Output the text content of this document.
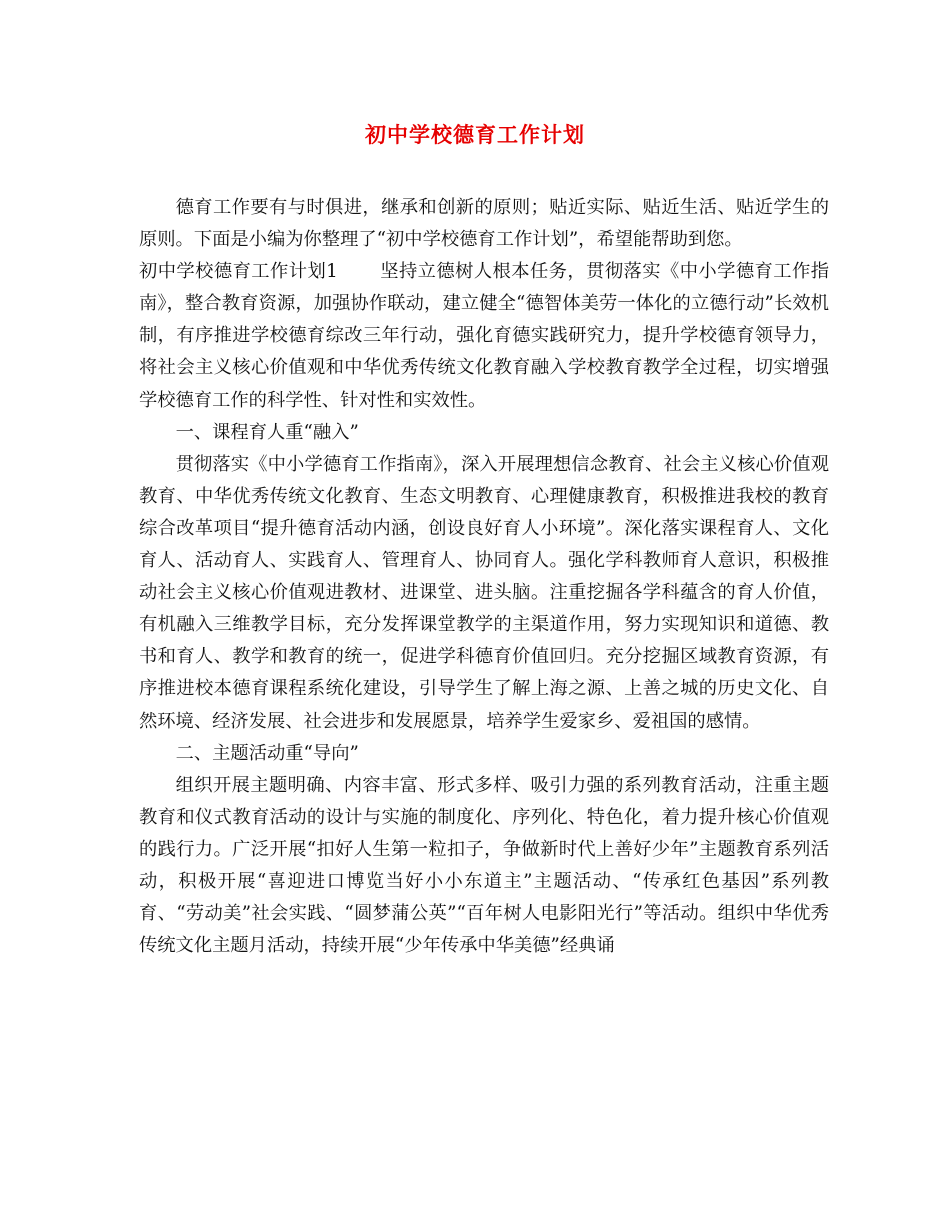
初中学校德育工作计划

德育工作要有与时俱进，继承和创新的原则；贴近实际、贴近生活、贴近学生的原则。下面是小编为你整理了“初中学校德育工作计划”，希望能帮助到您。

初中学校德育工作计划1 坚持立德树人根本任务，贯彻落实《中小学德育工作指南》，整合教育资源，加强协作联动，建立健全“德智体美劳一体化的立德行动”长效机制，有序推进学校德育综改三年行动，强化育德实践研究力，提升学校德育领导力，将社会主义核心价值观和中华优秀传统文化教育融入学校教育教学全过程，切实增强学校德育工作的科学性、针对性和实效性。

一、课程育人重“融入”

贯彻落实《中小学德育工作指南》，深入开展理想信念教育、社会主义核心价值观教育、中华优秀传统文化教育、生态文明教育、心理健康教育，积极推进我校的教育综合改革项目“提升德育活动内涵，创设良好育人小环境”。深化落实课程育人、文化育人、活动育人、实践育人、管理育人、协同育人。强化学科教师育人意识，积极推动社会主义核心价值观进教材、进课堂、进头脑。注重挖掘各学科蕴含的育人价值，有机融入三维教学目标，充分发挥课堂教学的主渠道作用，努力实现知识和道德、教书和育人、教学和教育的统一，促进学科德育价值回归。充分挖掘区域教育资源，有序推进校本德育课程系统化建设，引导学生了解上海之源、上善之城的历史文化、自然环境、经济发展、社会进步和发展愿景，培养学生爱家乡、爱祖国的感情。

二、主题活动重“导向”

组织开展主题明确、内容丰富、形式多样、吸引力强的系列教育活动，注重主题教育和仪式教育活动的设计与实施的制度化、序列化、特色化，着力提升核心价值观的践行力。广泛开展“扣好人生第一粒扣子，争做新时代上善好少年”主题教育系列活动，积极开展“喜迎进口博览当好小小东道主”主题活动、“传承红色基因”系列教育、“劳动美”社会实践、“圆梦蒲公英”“百年树人电影阳光行”等活动。组织中华优秀传统文化主题月活动，持续开展“少年传承中华美德”经典诵
